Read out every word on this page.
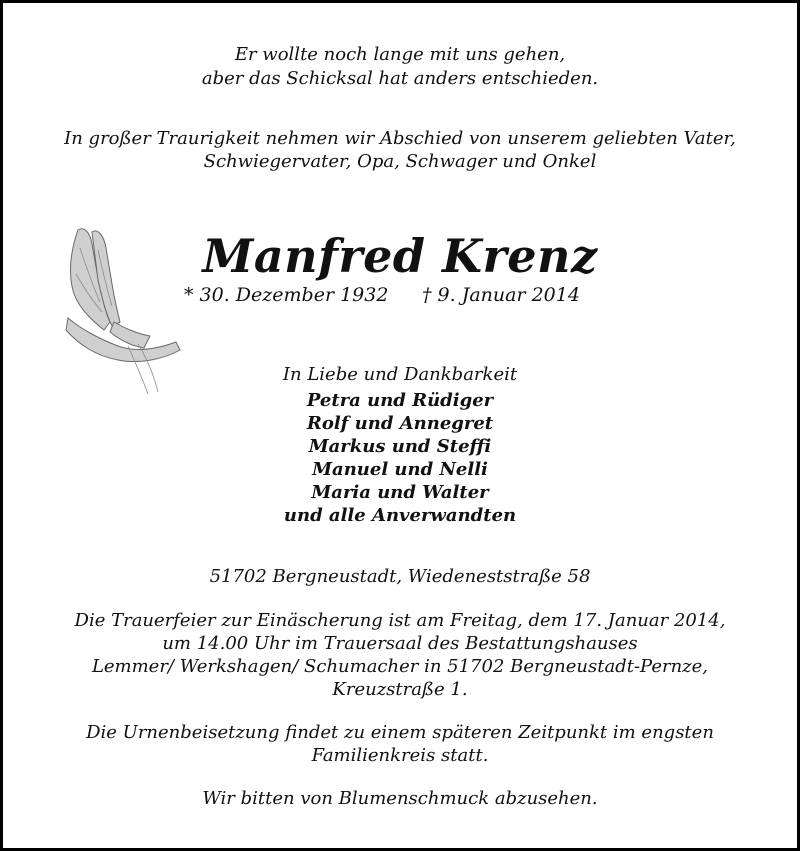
Er wollte noch lange mit uns gehen,
aber das Schicksal hat anders entschieden.
In großer Traurigkeit nehmen wir Abschied von unserem geliebten Vater,
Schwiegervater, Opa, Schwager und Onkel
Manfred Krenz
* 30. Dezember 1932 † 9. Januar 2014
In Liebe und Dankbarkeit
Petra und Rüdiger
Rolf und Annegret
Markus und Steffi
Manuel und Nelli
Maria und Walter
und alle Anverwandten
51702 Bergneustadt, Wiedeneststraße 58
Die Trauerfeier zur Einäscherung ist am Freitag, dem 17. Januar 2014,
um 14.00 Uhr im Trauersaal des Bestattungshauses
Lemmer/ Werkshagen/ Schumacher in 51702 Bergneustadt-Pernze,
Kreuzstraße 1.
Die Urnenbeisetzung findet zu einem späteren Zeitpunkt im engsten
Familienkreis statt.
Wir bitten von Blumenschmuck abzusehen.
